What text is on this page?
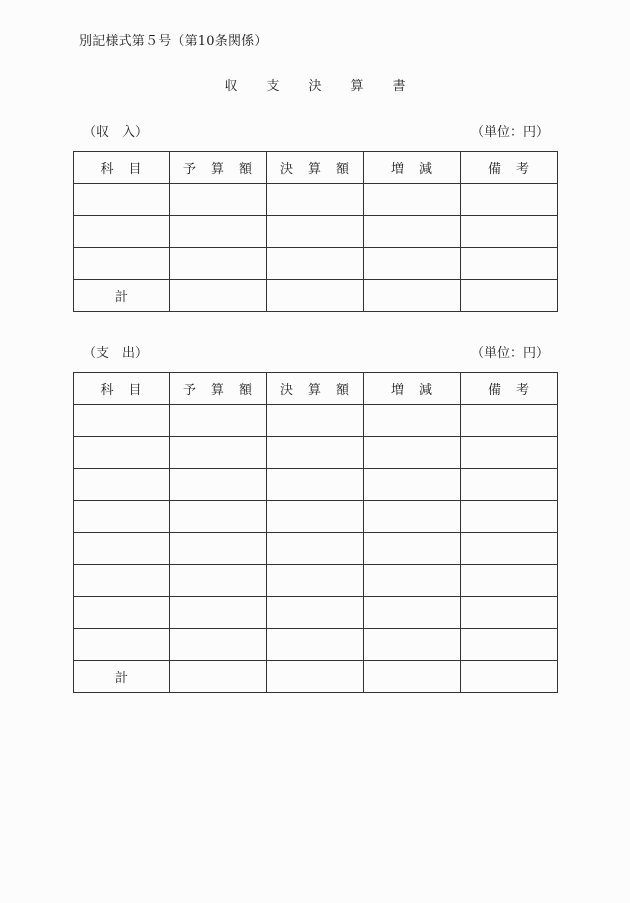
別記様式第５号（第10条関係）
収　支　決　算　書
（収　入）	（単位：円）
科　目	予　算　額	決　算　額	増　減	備　考

計				
（支　出）	（単位：円）
科　目	予　算　額	決　算　額	増　減	備　考

計				
